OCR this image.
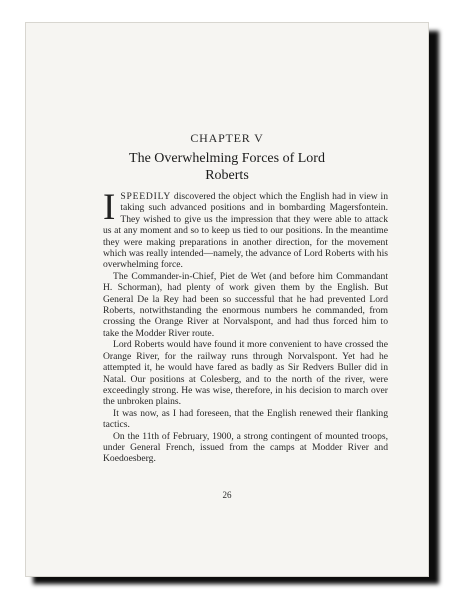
CHAPTER V
The Overwhelming Forces of Lord
Roberts

ISPEEDILY discovered the object which the English had in view in taking such advanced positions and in bombarding Magersfontein. They wished to give us the impression that they were able to attack us at any moment and so to keep us tied to our positions. In the meantime they were making preparations in another direction, for the movement which was really intended—namely, the advance of Lord Roberts with his overwhelming force.

The Commander-in-Chief, Piet de Wet (and before him Commandant H. Schorman), had plenty of work given them by the English. But General De la Rey had been so successful that he had prevented Lord Roberts, notwithstanding the enormous numbers he commanded, from crossing the Orange River at Norvalspont, and had thus forced him to take the Modder River route.

Lord Roberts would have found it more convenient to have crossed the Orange River, for the railway runs through Norvalspont. Yet had he attempted it, he would have fared as badly as Sir Redvers Buller did in Natal. Our positions at Colesberg, and to the north of the river, were exceedingly strong. He was wise, therefore, in his decision to march over the unbroken plains.

It was now, as I had foreseen, that the English renewed their flanking tactics.

On the 11th of February, 1900, a strong contingent of mounted troops, under General French, issued from the camps at Modder River and Koedoesberg.

26
